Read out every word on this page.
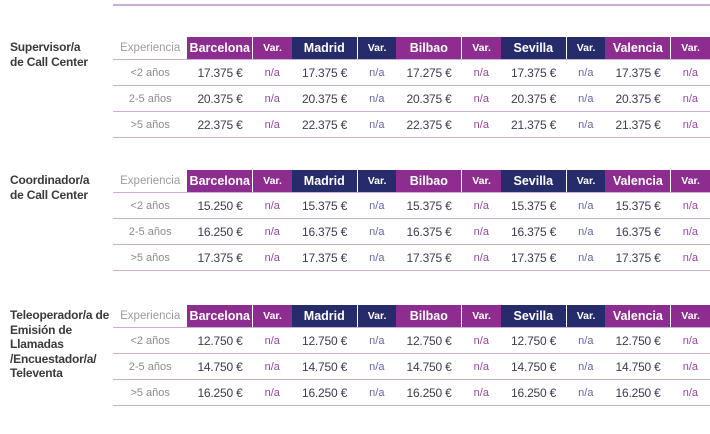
Supervisor/a
de Call Center
Experiencia	Barcelona	Var.	Madrid	Var.	Bilbao	Var.	Sevilla	Var.	Valencia	Var.
<2 años	17.375 €	n/a	17.375 €	n/a	17.275 €	n/a	17.375 €	n/a	17.375 €	n/a
2-5 años	20.375 €	n/a	20.375 €	n/a	20.375 €	n/a	20.375 €	n/a	20.375 €	n/a
>5 años	22.375 €	n/a	22.375 €	n/a	22.375 €	n/a	21.375 €	n/a	21.375 €	n/a
Coordinador/a
de Call Center
Experiencia	Barcelona	Var.	Madrid	Var.	Bilbao	Var.	Sevilla	Var.	Valencia	Var.
<2 años	15.250 €	n/a	15.375 €	n/a	15.375 €	n/a	15.375 €	n/a	15.375 €	n/a
2-5 años	16.250 €	n/a	16.375 €	n/a	16.375 €	n/a	16.375 €	n/a	16.375 €	n/a
>5 años	17.375 €	n/a	17.375 €	n/a	17.375 €	n/a	17.375 €	n/a	17.375 €	n/a
Teleoperador/a de
Emisión de Llamadas
/Encuestador/a/
Televenta
Experiencia	Barcelona	Var.	Madrid	Var.	Bilbao	Var.	Sevilla	Var.	Valencia	Var.
<2 años	12.750 €	n/a	12.750 €	n/a	12.750 €	n/a	12.750 €	n/a	12.750 €	n/a
2-5 años	14.750 €	n/a	14.750 €	n/a	14.750 €	n/a	14.750 €	n/a	14.750 €	n/a
>5 años	16.250 €	n/a	16.250 €	n/a	16.250 €	n/a	16.250 €	n/a	16.250 €	n/a
